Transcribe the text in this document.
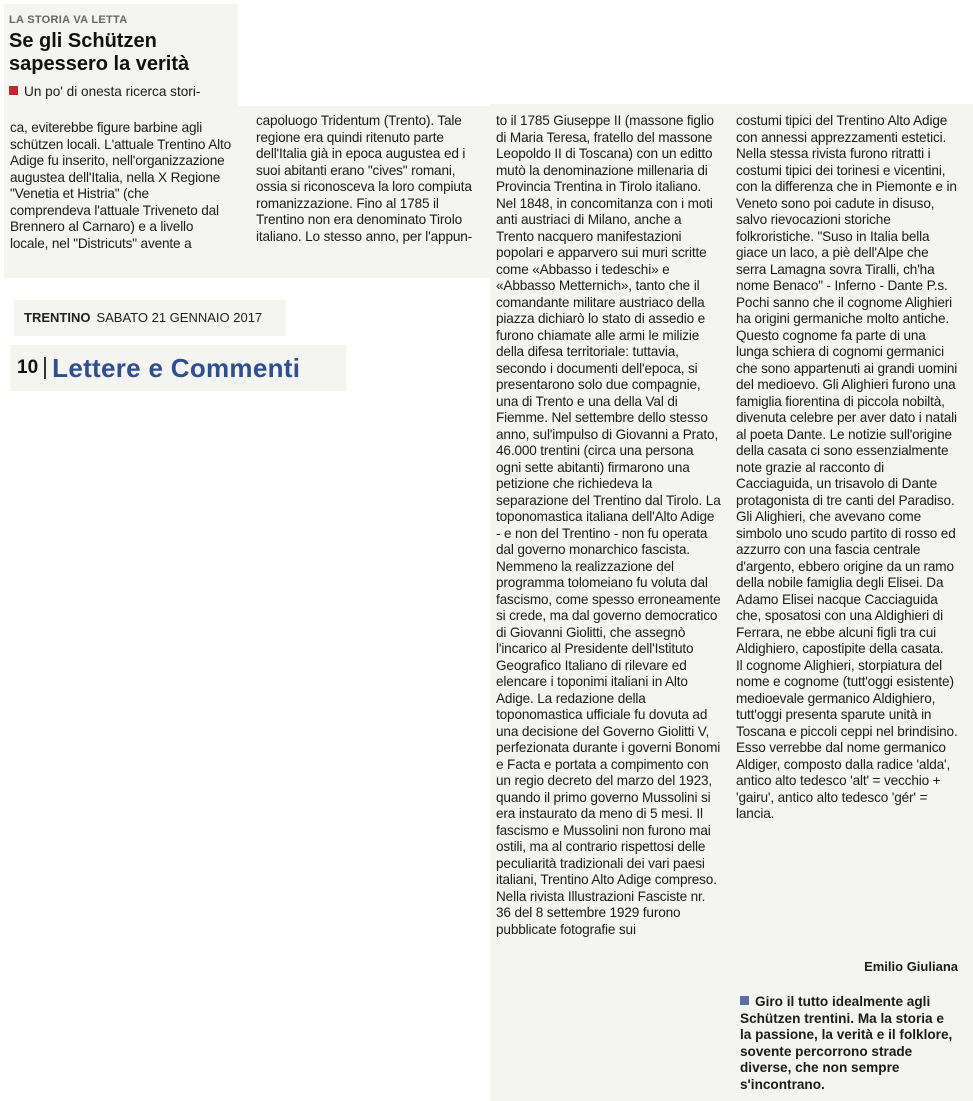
LA STORIA VA LETTA
Se gli Schützen sapessero la verità
Un po' di onesta ricerca stori-

ca, eviterebbe figure barbine agli schützen locali. L'attuale Trentino Alto Adige fu inserito, nell'organizzazione augustea dell'Italia, nella X Regione "Venetia et Histria" (che comprendeva l'attuale Triveneto dal Brennero al Carnaro) e a livello locale, nel "Districuts" avente a

capoluogo Tridentum (Trento). Tale regione era quindi ritenuto parte dell'Italia già in epoca augustea ed i suoi abitanti erano "cives" romani, ossia si riconosceva la loro compiuta romanizzazione. Fino al 1785 il Trentino non era denominato Tirolo italiano. Lo stesso anno, per l'appun-

to il 1785 Giuseppe II (massone figlio di Maria Teresa, fratello del massone Leopoldo II di Toscana) con un editto mutò la denominazione millenaria di Provincia Trentina in Tirolo italiano. Nel 1848, in concomitanza con i moti anti austriaci di Milano, anche a Trento nacquero manifestazioni popolari e apparvero sui muri scritte come «Abbasso i tedeschi» e «Abbasso Metternich», tanto che il comandante militare austriaco della piazza dichiarò lo stato di assedio e furono chiamate alle armi le milizie della difesa territoriale: tuttavia, secondo i documenti dell'epoca, si presentarono solo due compagnie, una di Trento e una della Val di Fiemme. Nel settembre dello stesso anno, sul'impulso di Giovanni a Prato, 46.000 trentini (circa una persona ogni sette abitanti) firmarono una petizione che richiedeva la separazione del Trentino dal Tirolo. La toponomastica italiana dell'Alto Adige - e non del Trentino - non fu operata dal governo monarchico fascista. Nemmeno la realizzazione del programma tolomeiano fu voluta dal fascismo, come spesso erroneamente si crede, ma dal governo democratico di Giovanni Giolitti, che assegnò l'incarico al Presidente dell'Istituto Geografico Italiano di rilevare ed elencare i toponimi italiani in Alto Adige. La redazione della toponomastica ufficiale fu dovuta ad una decisione del Governo Giolitti V, perfezionata durante i governi Bonomi e Facta e portata a compimento con un regio decreto del marzo del 1923, quando il primo governo Mussolini si era instaurato da meno di 5 mesi. Il fascismo e Mussolini non furono mai ostili, ma al contrario rispettosi delle peculiarità tradizionali dei vari paesi italiani, Trentino Alto Adige compreso. Nella rivista Illustrazioni Fasciste nr. 36 del 8 settembre 1929 furono pubblicate fotografie sui

costumi tipici del Trentino Alto Adige con annessi apprezzamenti estetici. Nella stessa rivista furono ritratti i costumi tipici dei torinesi e vicentini, con la differenza che in Piemonte e in Veneto sono poi cadute in disuso, salvo rievocazioni storiche folkroristiche. "Suso in Italia bella giace un laco, a piè dell'Alpe che serra Lamagna sovra Tiralli, ch'ha nome Benaco" - Inferno - Dante P.s. Pochi sanno che il cognome Alighieri ha origini germaniche molto antiche. Questo cognome fa parte di una lunga schiera di cognomi germanici che sono appartenuti ai grandi uomini del medioevo. Gli Alighieri furono una famiglia fiorentina di piccola nobiltà, divenuta celebre per aver dato i natali al poeta Dante. Le notizie sull'origine della casata ci sono essenzialmente note grazie al racconto di Cacciaguida, un trisavolo di Dante protagonista di tre canti del Paradiso. Gli Alighieri, che avevano come simbolo uno scudo partito di rosso ed azzurro con una fascia centrale d'argento, ebbero origine da un ramo della nobile famiglia degli Elisei. Da Adamo Elisei nacque Cacciaguida che, sposatosi con una Aldighieri di Ferrara, ne ebbe alcuni figli tra cui Aldighiero, capostipite della casata.

Il cognome Alighieri, storpiatura del nome e cognome (tutt'oggi esistente) medioevale germanico Aldighiero, tutt'oggi presenta sparute unità in Toscana e piccoli ceppi nel brindisino. Esso verrebbe dal nome germanico Aldiger, composto dalla radice 'alda', antico alto tedesco 'alt' = vecchio + 'gairu', antico alto tedesco 'gér' = lancia.

Emilio Giuliana
Giro il tutto idealmente agli Schützen trentini. Ma la storia e la passione, la verità e il folklore, sovente percorrono strade diverse, che non sempre s'incontrano.
TRENTINO SABATO 21 GENNAIO 2017
10 Lettere e Commenti
